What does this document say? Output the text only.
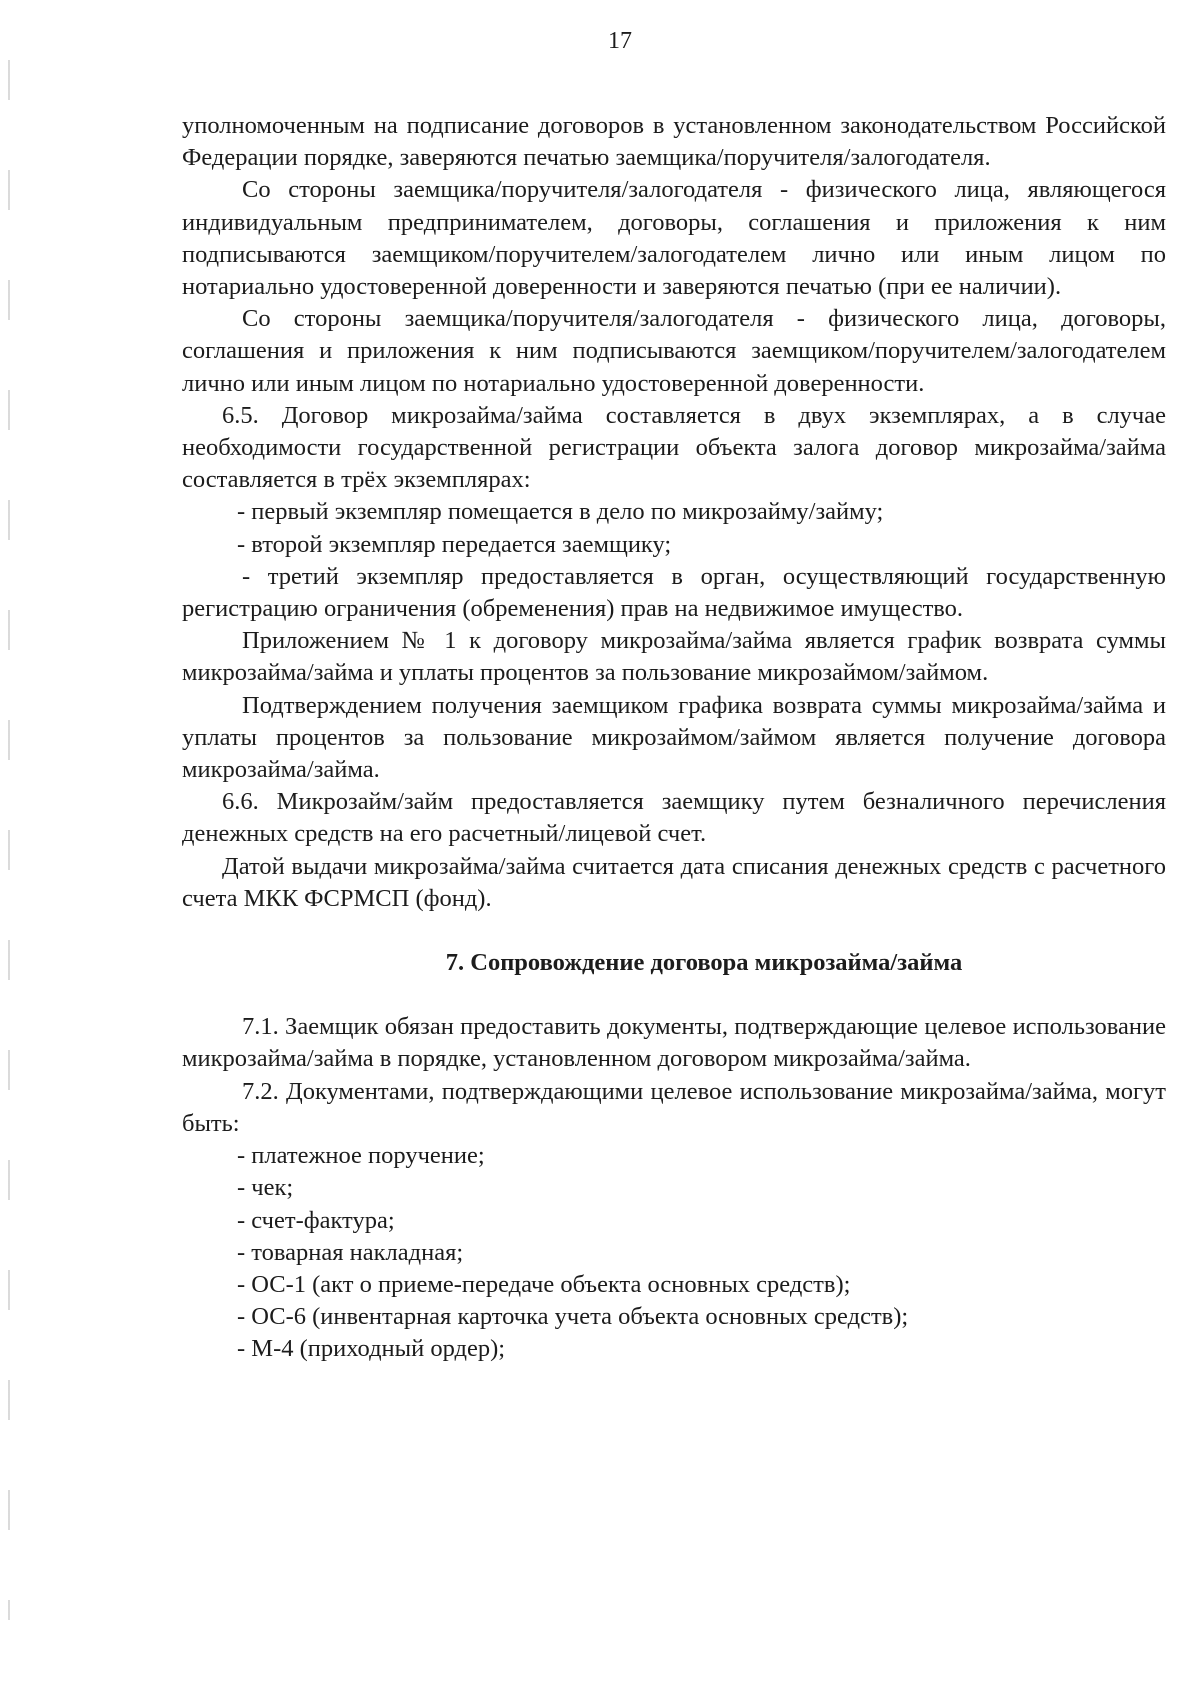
17

уполномоченным на подписание договоров в установленном законодательством Российской Федерации порядке, заверяются печатью заемщика/поручителя/залогодателя.

Со стороны заемщика/поручителя/залогодателя - физического лица, являющегося индивидуальным предпринимателем, договоры, соглашения и приложения к ним подписываются заемщиком/поручителем/залогодателем лично или иным лицом по нотариально удостоверенной доверенности и заверяются печатью (при ее наличии).

Со стороны заемщика/поручителя/залогодателя - физического лица, договоры, соглашения и приложения к ним подписываются заемщиком/поручителем/залогодателем лично или иным лицом по нотариально удостоверенной доверенности.

6.5. Договор микрозайма/займа составляется в двух экземплярах, а в случае необходимости государственной регистрации объекта залога договор микрозайма/займа составляется в трёх экземплярах:

- первый экземпляр помещается в дело по микрозайму/займу;

- второй экземпляр передается заемщику;

- третий экземпляр предоставляется в орган, осуществляющий государственную регистрацию ограничения (обременения) прав на недвижимое имущество.

Приложением № 1 к договору микрозайма/займа является график возврата суммы микрозайма/займа и уплаты процентов за пользование микрозаймом/займом.

Подтверждением получения заемщиком графика возврата суммы микрозайма/займа и уплаты процентов за пользование микрозаймом/займом является получение договора микрозайма/займа.

6.6. Микрозайм/займ предоставляется заемщику путем безналичного перечисления денежных средств на его расчетный/лицевой счет.

Датой выдачи микрозайма/займа считается дата списания денежных средств с расчетного счета МКК ФСРМСП (фонд).

7. Сопровождение договора микрозайма/займа

7.1. Заемщик обязан предоставить документы, подтверждающие целевое использование микрозайма/займа в порядке, установленном договором микрозайма/займа.

7.2. Документами, подтверждающими целевое использование микрозайма/займа, могут быть:

- платежное поручение;

- чек;

- счет-фактура;

- товарная накладная;

- ОС-1 (акт о приеме-передаче объекта основных средств);

- ОС-6 (инвентарная карточка учета объекта основных средств);

- М-4 (приходный ордер);
